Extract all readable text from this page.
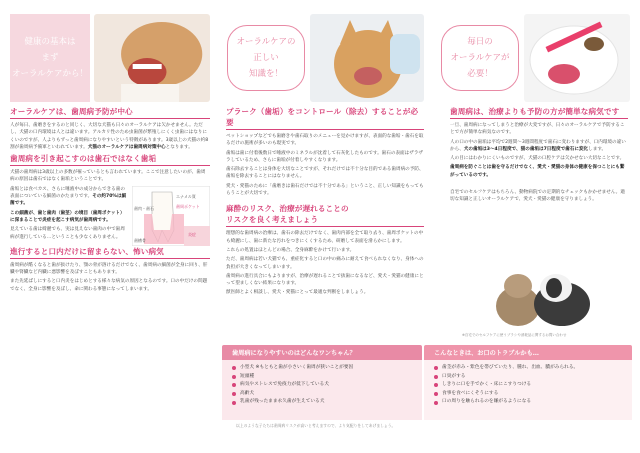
健康の基本は
まず
オーラルケアから！
オーラルケアの
正しい
知識を！
毎日の
オーラルケアが
必要！
オーラルケアは、歯周病予防が中心

人が毎日、歯磨きをするのと同じく、大切な犬猫も日々のオーラルケアは欠かせません。ただし、犬猫の口内環境は人とは違います。アルカリ性のため虫歯菌が繁殖しにくく虫歯にはなりにくいのですが、人よりもずっと歯周病になりやすいという特徴があります。3歳以上の犬猫の約8割が歯周病予備軍といわれています。犬猫のオーラルケアは歯周病対策中心となります。

歯周病を引き起こすのは歯石ではなく歯垢

犬猫の歯周病は3歳以上の多数が罹っているとも言われています。ここで注意したいのが、歯周病の原因は歯石ではなく歯垢ということです。

歯垢とは食べカス、さらに唾液中の成分からできる歯の表面についている細菌のかたまりです。その約70%は細菌です。

この細菌が、歯と歯肉（歯茎）の境目（歯周ポケット）に深まることで炎症を起こす病気が歯周病です。

見えている歯は綺麗でも、実は見えない歯肉の中で歯周病が進行している…ということも少なくありません。

エナメル質
歯周ポケット
歯肉・歯石
歯槽骨
炎症
進行すると口内だけに留まらない、怖い病気

歯周病が酷くなると歯が抜けたり、顎の骨が溶けるだけでなく、歯周病の細菌が全身に回り、肝臓や腎臓など内臓に悪影響を及ぼすこともあります。

また先延ばしにすると口内炎をはじめとする様々な病気の原因となるのです。口の中だけの問題でなく、全身に影響を及ぼし、命に関わる事態になってしまいます。

プラーク（歯垢）をコントロール（除去）することが必要

ペットショップなどでも歯磨きや歯石取りのメニューを見かけますが、表面的な歯垢・歯石を取るだけの施術が多いのも現実です。

歯垢は歯に付着後数日で唾液中のミネラルが沈着して石灰化したものです。歯石の表面はザラザラしているため、さらに歯垢が付着しやすくなります。

歯石除去することは身体を大切なことですが、それだけでは不十分な目的である歯周病の予防、歯垢を除去することにはなりません。

愛犬・愛猫のために「歯磨きは歯石だけでは不十分である」ということ、正しい知識をもってもらうことが大切です。

麻酔のリスク、治療が遅れることの
リスクを良く考えましょう

理想的な歯周病の治療は、歯石の除去だけでなく、歯肉内部を全て取り去り、歯周ポケットの中も綺麗にし、歯に新たな汚れをつきにくくするため、研磨して表面を滑らかにします。

これらの処置はほとんどの場合、全身麻酔をかけて行います。

ただ、歯周病は若い犬猫でも、重症化すると口の中の痛みに耐えて食べられなくなり、身体への負担が大きくなってしまいます。

歯周病の進行具合にもよりますが、治療が遅れることで抜歯になるなど、愛犬・愛猫の健康にとって望ましくない結果になります。

獣医師とよく相談し、愛犬・愛猫にとって最適な判断をしましょう。

歯周病は、治療よりも予防の方が簡単な病気です

一旦、歯周病になってしまうと治療が大変ですが、日々のオーラルケアで予防することで方が簡単な病気なのです。

人の口の中の歯垢は平均で2週間〜3週間程度で歯石に変わりますが、口内環境の違いから、犬の歯垢は3〜4日程度で、猫の歯垢は7日程度で歯石に変化します。

人の目にはわかりにくいものですが、犬猫の口腔ケアは欠かせない大切なことです。

歯周病を防ぐことは歯を守るだけでなく、愛犬・愛猫の身体の健康を保つことにも繋がっているのです。

自宅でのセルフケアはもちろん、動物病院での定期的なチェックもかかせません。適切な知識と正しいオーラルケアで、愛犬・愛猫の健康を守りましょう。

※自宅でのセルフケアに使うブラシや消耗品に関するお問い合わせ
歯周病になりやすいのはどんなワンちゃん？
小型犬 ※もともと歯が小さいく歯周が狭いことが要因
短頭種
病気やストレスで免疫力が低下している犬
高齢犬
乳歯が残ったまま永久歯が生えている犬
こんなときは、お口のトラブルかも…
歯茎が赤み・紫色を帯びていたり、腫れ、出血、膿がみられる。
口臭がする
しきりに口を手でかく・床にこすりつける
食事を食べにくそうにする
口の周りを触られるのを嫌がるようになる
以上のような子たちは歯周病リスクが高いと考えますので、より気配りをしてあげましょう。
